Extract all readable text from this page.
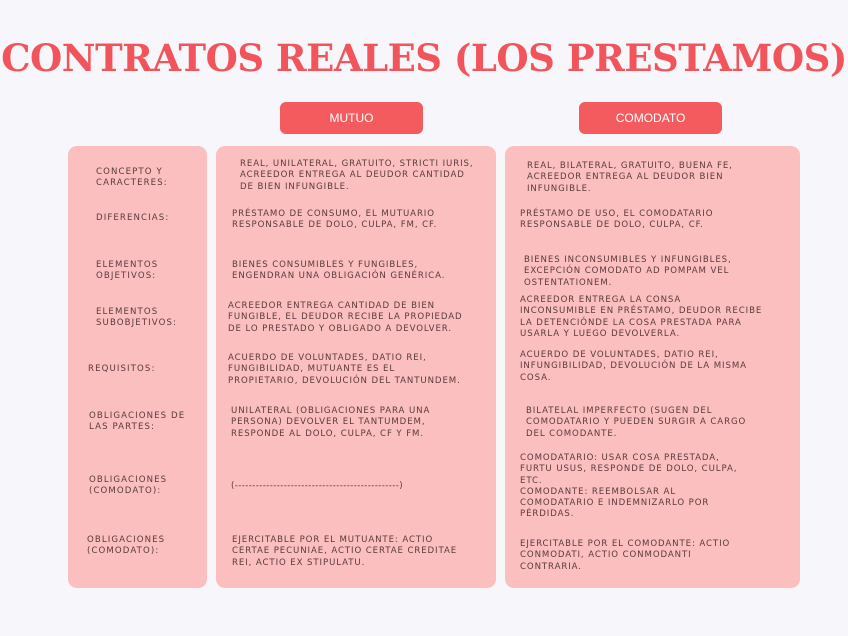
CONTRATOS REALES (LOS PRESTAMOS)
MUTUO	COMODATO

CONCEPTO Y
CARACTERES:

REAL, UNILATERAL, GRATUITO, STRICTI IURIS,
ACREEDOR ENTREGA AL DEUDOR CANTIDAD
DE BIEN INFUNGIBLE.

REAL, BILATERAL, GRATUITO, BUENA FE,
ACREEDOR ENTREGA AL DEUDOR BIEN
INFUNGIBLE.

DIFERENCIAS:	PRÉSTAMO DE CONSUMO, EL MUTUARIO
RESPONSABLE DE DOLO, CULPA, FM, CF.

PRÉSTAMO DE USO, EL COMODATARIO
RESPONSABLE DE DOLO, CULPA, CF.

ELEMENTOS
OBJETIVOS:

BIENES CONSUMIBLES Y FUNGIBLES,
ENGENDRAN UNA OBLIGACIÓN GENÉRICA.

BIENES INCONSUMIBLES Y INFUNGIBLES,
EXCEPCIÓN COMODATO AD POMPAM VEL
OSTENTATIONEM.

ELEMENTOS
SUBOBJETIVOS:

ACREEDOR ENTREGA CANTIDAD DE BIEN
FUNGIBLE, EL DEUDOR RECIBE LA PROPIEDAD
DE LO PRESTADO Y OBLIGADO A DEVOLVER.

ACREEDOR ENTREGA LA CONSA
INCONSUMIBLE EN PRÉSTAMO, DEUDOR RECIBE
LA DETENCIÓNDE LA COSA PRESTADA PARA
USARLA Y LUEGO DEVOLVERLA.

REQUISITOS:

ACUERDO DE VOLUNTADES, DATIO REI,
FUNGIBILIDAD, MUTUANTE ES EL
PROPIETARIO, DEVOLUCIÓN DEL TANTUNDEM.

ACUERDO DE VOLUNTADES, DATIO REI,
INFUNGIBILIDAD, DEVOLUCIÓN DE LA MISMA
COSA.

OBLIGACIONES DE
LAS PARTES:

UNILATERAL (OBLIGACIONES PARA UNA
PERSONA) DEVOLVER EL TANTUMDEM,
RESPONDE AL DOLO, CULPA, CF Y FM.

BILATELAL IMPERFECTO (SUGEN DEL
COMODATARIO Y PUEDEN SURGIR A CARGO
DEL COMODANTE.

OBLIGACIONES
(COMODATO):

(-----------------------------------------------)

COMODATARIO: USAR COSA PRESTADA,
FURTU USUS, RESPONDE DE DOLO, CULPA,
ETC.
COMODANTE: REEMBOLSAR AL
COMODATARIO E INDEMNIZARLO POR
PÉRDIDAS.

OBLIGACIONES
(COMODATO):

EJERCITABLE POR EL MUTUANTE: ACTIO
CERTAE PECUNIAE, ACTIO CERTAE CREDITAE
REI, ACTIO EX STIPULATU.

EJERCITABLE POR EL COMODANTE: ACTIO
CONMODATI, ACTIO CONMODANTI
CONTRARIA.
